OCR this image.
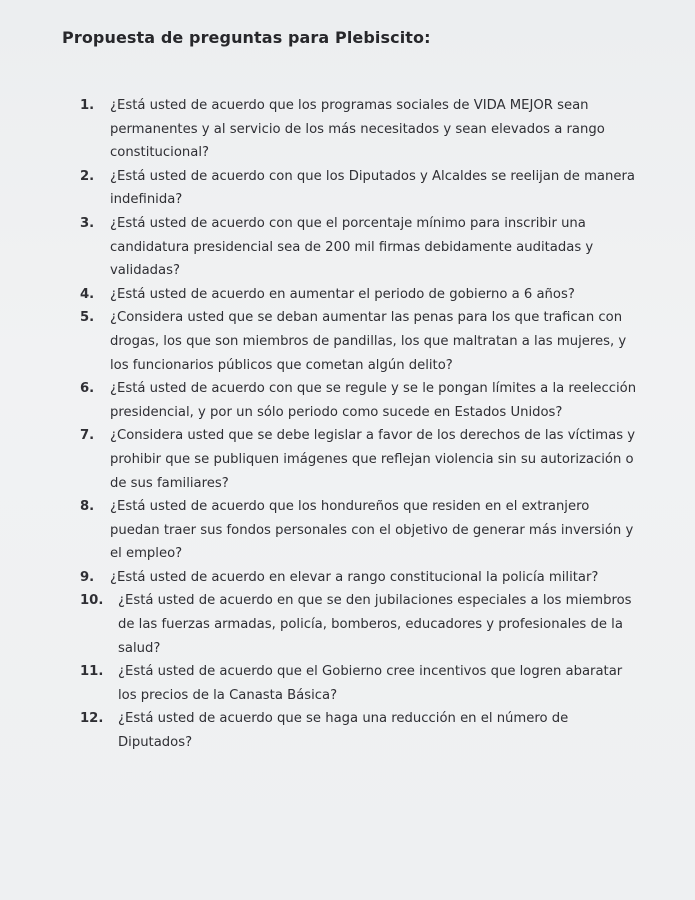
Propuesta de preguntas para Plebiscito:
1. ¿Está usted de acuerdo que los programas sociales de VIDA MEJOR sean permanentes y al servicio de los más necesitados y sean elevados a rango constitucional?
2. ¿Está usted de acuerdo con que los Diputados y Alcaldes se reelijan de manera indefinida?
3. ¿Está usted de acuerdo con que el porcentaje mínimo para inscribir una candidatura presidencial sea de 200 mil firmas debidamente auditadas y validadas?
4. ¿Está usted de acuerdo en aumentar el periodo de gobierno a 6 años?
5. ¿Considera usted que se deban aumentar las penas para los que trafican con drogas, los que son miembros de pandillas, los que maltratan a las mujeres, y los funcionarios públicos que cometan algún delito?
6. ¿Está usted de acuerdo con que se regule y se le pongan límites a la reelección presidencial, y por un sólo periodo como sucede en Estados Unidos?
7. ¿Considera usted que se debe legislar a favor de los derechos de las víctimas y prohibir que se publiquen imágenes que reflejan violencia sin su autorización o de sus familiares?
8. ¿Está usted de acuerdo que los hondureños que residen en el extranjero puedan traer sus fondos personales con el objetivo de generar más inversión y el empleo?
9. ¿Está usted de acuerdo en elevar a rango constitucional la policía militar?
10. ¿Está usted de acuerdo en que se den jubilaciones especiales a los miembros de las fuerzas armadas, policía, bomberos, educadores y profesionales de la salud?
11. ¿Está usted de acuerdo que el Gobierno cree incentivos que logren abaratar los precios de la Canasta Básica?
12. ¿Está usted de acuerdo que se haga una reducción en el número de Diputados?
